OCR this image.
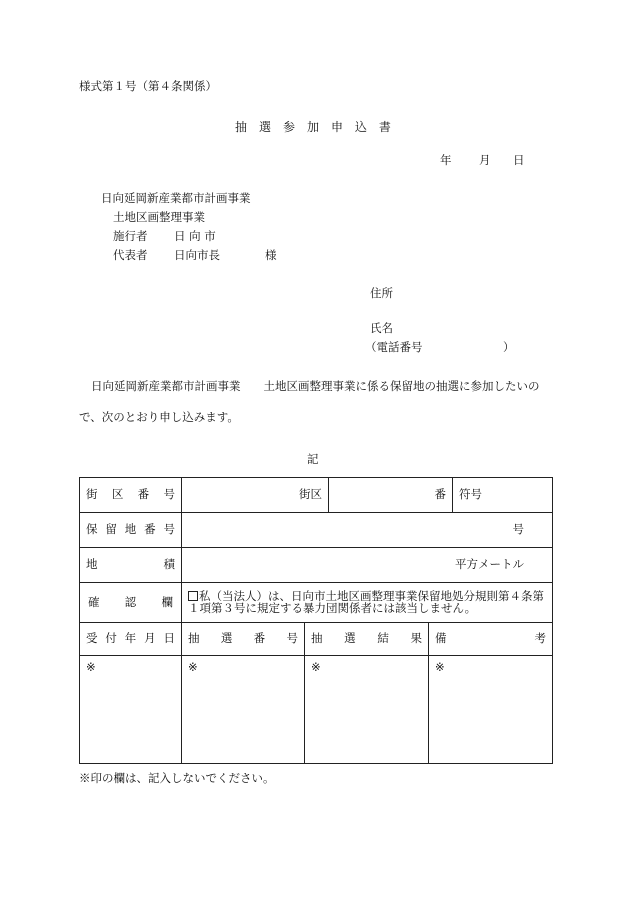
様式第１号（第４条関係）
抽 選 参 加 申 込 書
年 月 日
日向延岡新産業都市計画事業
土地区画整理事業
施行者 日 向 市
代表者 日向市長	様
住所
氏名
（電話番号	）
日向延岡新産業都市計画事業　　土地区画整理事業に係る保留地の抽選に参加したいの
で、次のとおり申し込みます。
記
街 区 番 号	街区		番		符号

保 留 地 番 号	号				

地 積	平方メートル				

確 認 欄	私（当法人）は、日向市土地区画整理事業保留地処分規則第４条第１項第３号に規定する暴力団関係者には該当しません。				

受 付 年 月 日	抽 選 番 号	抽 選 結 果		備 考	

※	※	※		※	
※印の欄は、記入しないでください。
